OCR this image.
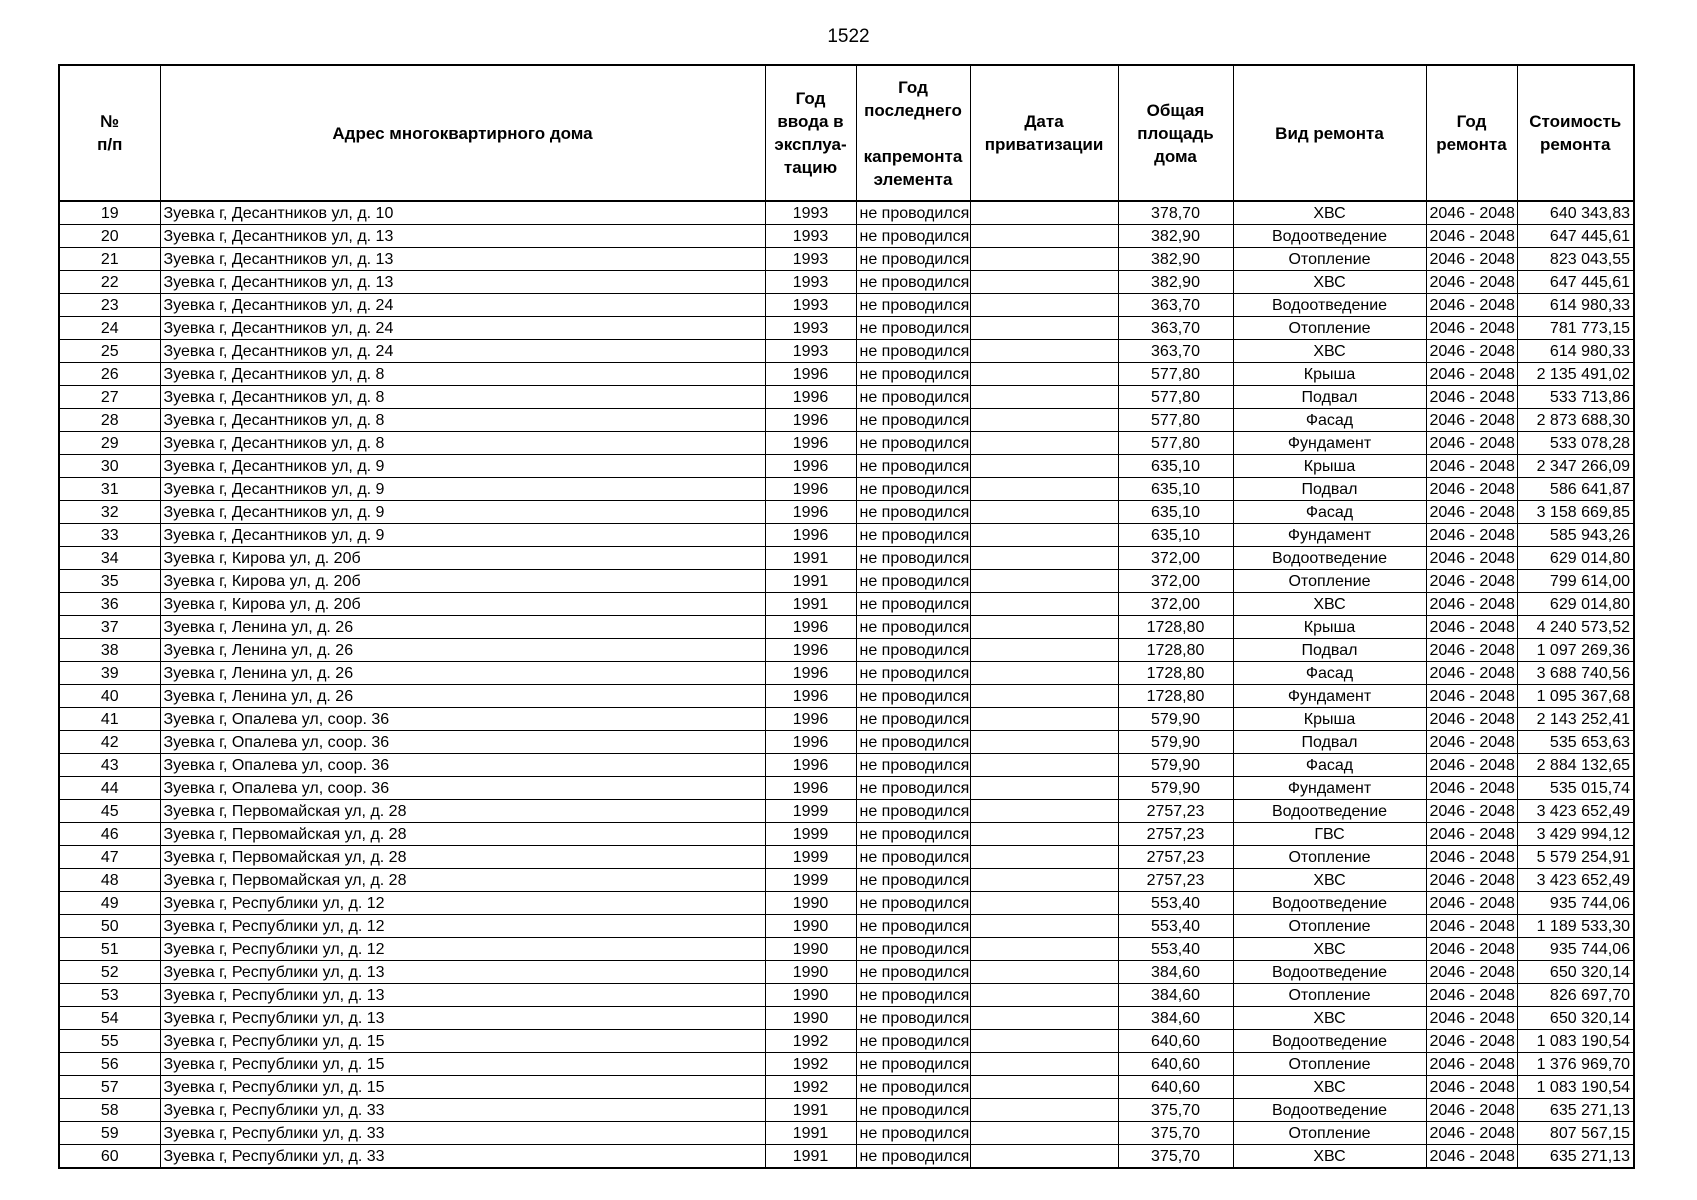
1522
№
п/п	Адрес многоквартирного дома	Год
ввода в
эксплуа-
тацию	Год
последнего

капремонта
элемента	Дата
приватизации	Общая
площадь
дома	Вид ремонта	Год
ремонта	Стоимость
ремонта
19	Зуевка г, Десантников ул, д. 10	1993	не проводился		378,70	ХВС	2046 - 2048	640 343,83
20	Зуевка г, Десантников ул, д. 13	1993	не проводился		382,90	Водоотведение	2046 - 2048	647 445,61
21	Зуевка г, Десантников ул, д. 13	1993	не проводился		382,90	Отопление	2046 - 2048	823 043,55
22	Зуевка г, Десантников ул, д. 13	1993	не проводился		382,90	ХВС	2046 - 2048	647 445,61
23	Зуевка г, Десантников ул, д. 24	1993	не проводился		363,70	Водоотведение	2046 - 2048	614 980,33
24	Зуевка г, Десантников ул, д. 24	1993	не проводился		363,70	Отопление	2046 - 2048	781 773,15
25	Зуевка г, Десантников ул, д. 24	1993	не проводился		363,70	ХВС	2046 - 2048	614 980,33
26	Зуевка г, Десантников ул, д. 8	1996	не проводился		577,80	Крыша	2046 - 2048	2 135 491,02
27	Зуевка г, Десантников ул, д. 8	1996	не проводился		577,80	Подвал	2046 - 2048	533 713,86
28	Зуевка г, Десантников ул, д. 8	1996	не проводился		577,80	Фасад	2046 - 2048	2 873 688,30
29	Зуевка г, Десантников ул, д. 8	1996	не проводился		577,80	Фундамент	2046 - 2048	533 078,28
30	Зуевка г, Десантников ул, д. 9	1996	не проводился		635,10	Крыша	2046 - 2048	2 347 266,09
31	Зуевка г, Десантников ул, д. 9	1996	не проводился		635,10	Подвал	2046 - 2048	586 641,87
32	Зуевка г, Десантников ул, д. 9	1996	не проводился		635,10	Фасад	2046 - 2048	3 158 669,85
33	Зуевка г, Десантников ул, д. 9	1996	не проводился		635,10	Фундамент	2046 - 2048	585 943,26
34	Зуевка г, Кирова ул, д. 20б	1991	не проводился		372,00	Водоотведение	2046 - 2048	629 014,80
35	Зуевка г, Кирова ул, д. 20б	1991	не проводился		372,00	Отопление	2046 - 2048	799 614,00
36	Зуевка г, Кирова ул, д. 20б	1991	не проводился		372,00	ХВС	2046 - 2048	629 014,80
37	Зуевка г, Ленина ул, д. 26	1996	не проводился		1728,80	Крыша	2046 - 2048	4 240 573,52
38	Зуевка г, Ленина ул, д. 26	1996	не проводился		1728,80	Подвал	2046 - 2048	1 097 269,36
39	Зуевка г, Ленина ул, д. 26	1996	не проводился		1728,80	Фасад	2046 - 2048	3 688 740,56
40	Зуевка г, Ленина ул, д. 26	1996	не проводился		1728,80	Фундамент	2046 - 2048	1 095 367,68
41	Зуевка г, Опалева ул, соор. 36	1996	не проводился		579,90	Крыша	2046 - 2048	2 143 252,41
42	Зуевка г, Опалева ул, соор. 36	1996	не проводился		579,90	Подвал	2046 - 2048	535 653,63
43	Зуевка г, Опалева ул, соор. 36	1996	не проводился		579,90	Фасад	2046 - 2048	2 884 132,65
44	Зуевка г, Опалева ул, соор. 36	1996	не проводился		579,90	Фундамент	2046 - 2048	535 015,74
45	Зуевка г, Первомайская ул, д. 28	1999	не проводился		2757,23	Водоотведение	2046 - 2048	3 423 652,49
46	Зуевка г, Первомайская ул, д. 28	1999	не проводился		2757,23	ГВС	2046 - 2048	3 429 994,12
47	Зуевка г, Первомайская ул, д. 28	1999	не проводился		2757,23	Отопление	2046 - 2048	5 579 254,91
48	Зуевка г, Первомайская ул, д. 28	1999	не проводился		2757,23	ХВС	2046 - 2048	3 423 652,49
49	Зуевка г, Республики ул, д. 12	1990	не проводился		553,40	Водоотведение	2046 - 2048	935 744,06
50	Зуевка г, Республики ул, д. 12	1990	не проводился		553,40	Отопление	2046 - 2048	1 189 533,30
51	Зуевка г, Республики ул, д. 12	1990	не проводился		553,40	ХВС	2046 - 2048	935 744,06
52	Зуевка г, Республики ул, д. 13	1990	не проводился		384,60	Водоотведение	2046 - 2048	650 320,14
53	Зуевка г, Республики ул, д. 13	1990	не проводился		384,60	Отопление	2046 - 2048	826 697,70
54	Зуевка г, Республики ул, д. 13	1990	не проводился		384,60	ХВС	2046 - 2048	650 320,14
55	Зуевка г, Республики ул, д. 15	1992	не проводился		640,60	Водоотведение	2046 - 2048	1 083 190,54
56	Зуевка г, Республики ул, д. 15	1992	не проводился		640,60	Отопление	2046 - 2048	1 376 969,70
57	Зуевка г, Республики ул, д. 15	1992	не проводился		640,60	ХВС	2046 - 2048	1 083 190,54
58	Зуевка г, Республики ул, д. 33	1991	не проводился		375,70	Водоотведение	2046 - 2048	635 271,13
59	Зуевка г, Республики ул, д. 33	1991	не проводился		375,70	Отопление	2046 - 2048	807 567,15
60	Зуевка г, Республики ул, д. 33	1991	не проводился		375,70	ХВС	2046 - 2048	635 271,13
